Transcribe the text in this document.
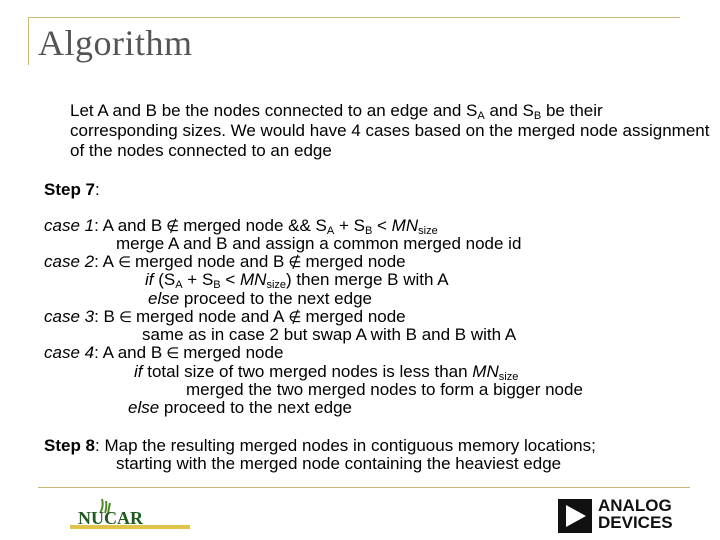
Algorithm
Let A and B be the nodes connected to an edge and $S_A$ and $S_B$ be their corresponding sizes. We would have 4 cases based on the merged node assignment of the nodes connected to an edge
Step 7:
case 1: A and B ∉ merged node && $S_A + S_B < MN_{size}$
merge A and B and assign a common merged node id
case 2: A ∈ merged node and B ∉ merged node
if $(S_A + S_B < MN_{size})$ then merge B with A
else proceed to the next edge
case 3: B ∈ merged node and A ∉ merged node
same as in case 2 but swap A with B and B with A
case 4: A and B ∈ merged node
if total size of two merged nodes is less than $MN_{size}$
merged the two merged nodes to form a bigger node
else proceed to the next edge
Step 8: Map the resulting merged nodes in contiguous memory locations;
starting with the merged node containing the heaviest edge
NUCAR
ANALOG
DEVICES
